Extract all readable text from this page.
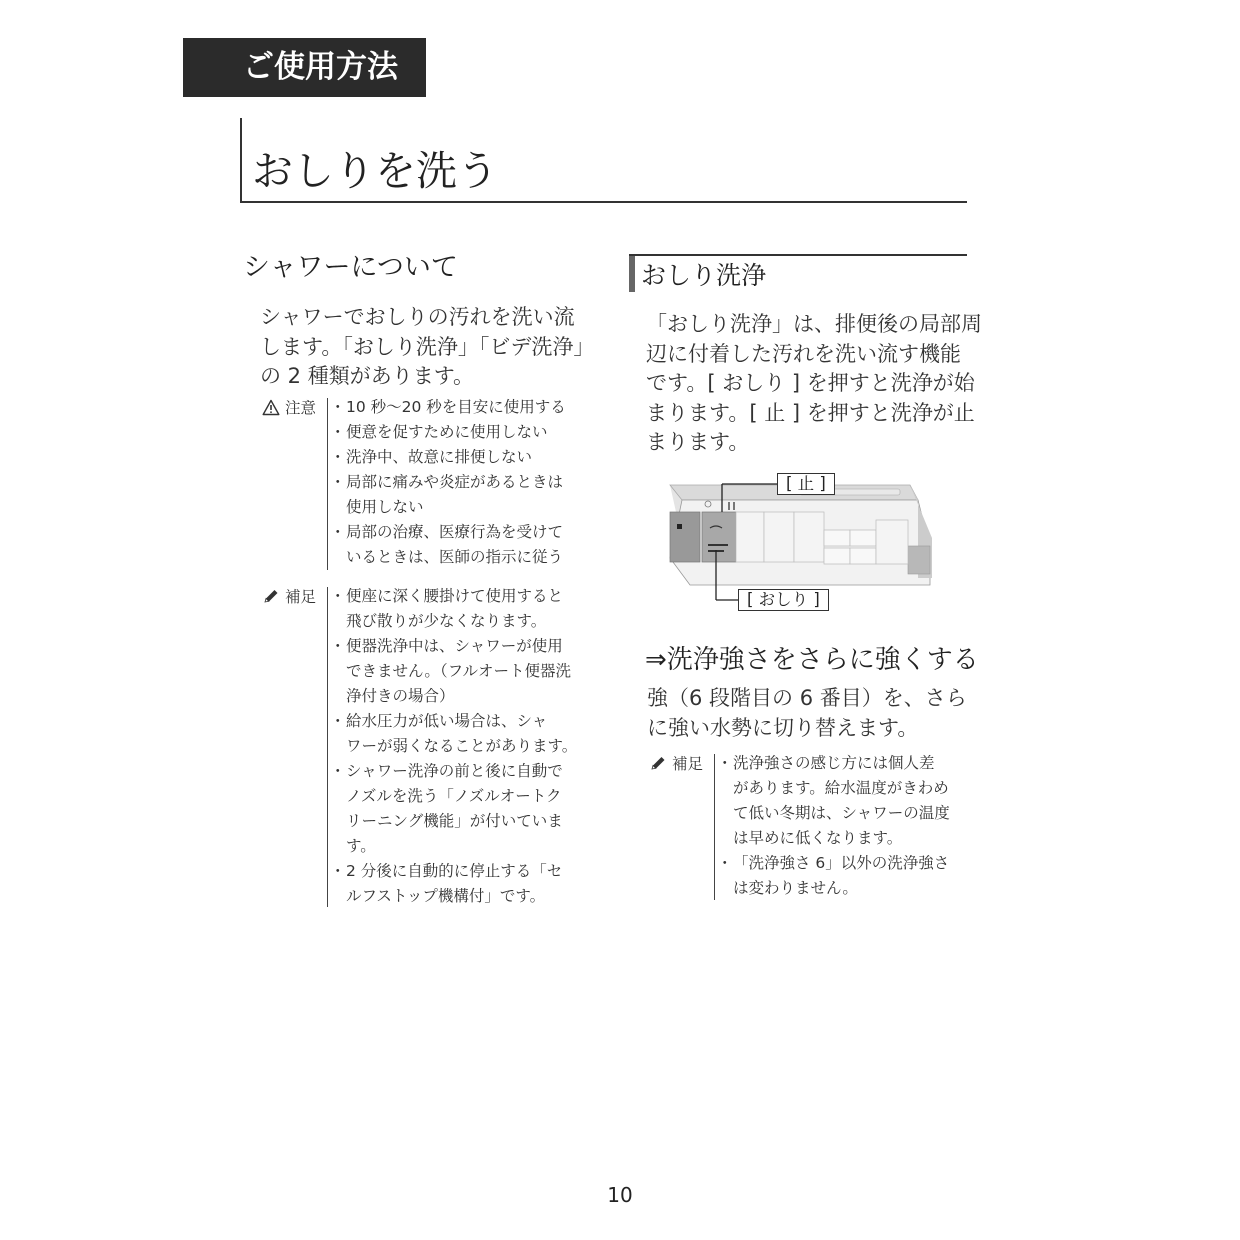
ご使用方法
おしりを洗う
シャワーについて
シャワーでおしりの汚れを洗い流
します。「おしり洗浄」「ビデ洗浄」
の 2 種類があります。
注意	・ 10 秒～20 秒を目安に使用する
・ 便意を促すために使用しない
・ 洗浄中、故意に排便しない
・ 局部に痛みや炎症があるときは
使用しない
・ 局部の治療、医療行為を受けて
いるときは、医師の指示に従う
補足	・ 便座に深く腰掛けて使用すると
飛び散りが少なくなります。
・ 便器洗浄中は、シャワーが使用
できません。（フルオート便器洗
浄付きの場合）
・ 給水圧力が低い場合は、シャ
ワーが弱くなることがあります。
・ シャワー洗浄の前と後に自動で
ノズルを洗う「ノズルオートク
リーニング機能」が付いていま
す。
・ 2 分後に自動的に停止する「セ
ルフストップ機構付」です。
おしり洗浄
「おしり洗浄」は、排便後の局部周
辺に付着した汚れを洗い流す機能
です。[ おしり ] を押すと洗浄が始
まります。[ 止 ] を押すと洗浄が止
まります。
[ 止 ]
[ おしり ]
⇒洗浄強さをさらに強くする
強（6 段階目の 6 番目）を、さら
に強い水勢に切り替えます。
補足	・ 洗浄強さの感じ方には個人差
があります。給水温度がきわめ
て低い冬期は、シャワーの温度
は早めに低くなります。
・ 「洗浄強さ 6」以外の洗浄強さ
は変わりません。
10
